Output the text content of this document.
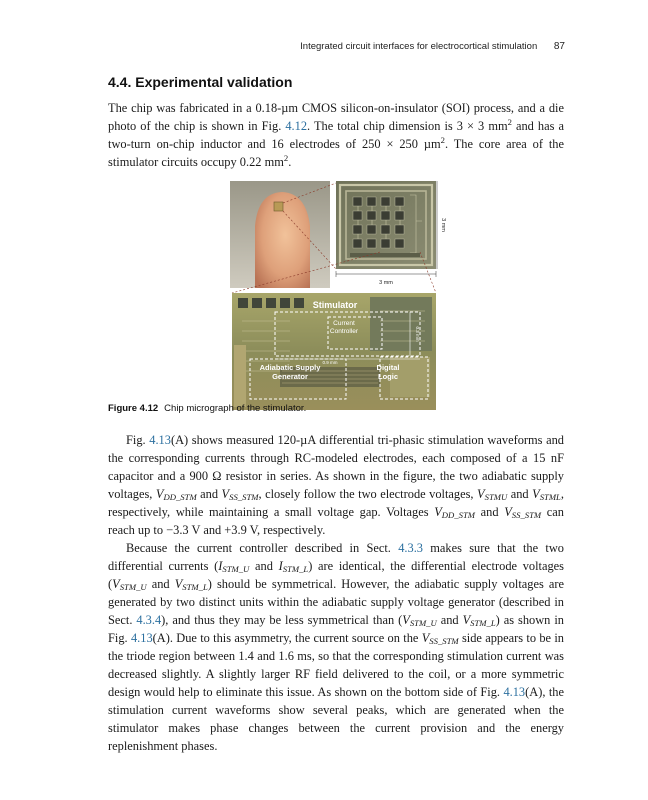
Integrated circuit interfaces for electrocortical stimulation 87
4.4. Experimental validation

The chip was fabricated in a 0.18-µm CMOS silicon-on-insulator (SOI) process, and a die photo of the chip is shown in Fig. 4.12. The total chip dimension is 3 × 3 $mm^2$ and has a two-turn on-chip inductor and 16 electrodes of 250 × 250 µm$^2$. The core area of the stimulator circuits occupy 0.22 $mm^2$.

3 mm
3 mm
Stimulator
Current
Controller	0.3 mm
0.9 mm
Adiabatic Supply
Generator
Digital
Logic
Figure 4.12 Chip micrograph of the stimulator.

Fig. 4.13(A) shows measured 120-µA differential tri-phasic stimulation waveforms and the corresponding currents through RC-modeled electrodes, each composed of a 15 nF capacitor and a 900 Ω resistor in series. As shown in the figure, the two adiabatic supply voltages, $V_{DD\_STM}$ and $V_{SS\_STM}$, closely follow the two electrode voltages, $V_{STMU}$ and $V_{STML}$, respectively, while maintaining a small voltage gap. Voltages $V_{DD\_STM}$ and $V_{SS\_STM}$ can reach up to −3.3 V and +3.9 V, respectively.

Because the current controller described in Sect. 4.3.3 makes sure that the two differential currents ($I_{STM\_U}$ and $I_{STM\_L}$) are identical, the differential electrode voltages ($V_{STM\_U}$ and $V_{STM\_L}$) should be symmetrical. However, the adiabatic supply voltages are generated by two distinct units within the adiabatic supply voltage generator (described in Sect. 4.3.4), and thus they may be less symmetrical than ($V_{STM\_U}$ and $V_{STM\_L}$) as shown in Fig. 4.13(A). Due to this asymmetry, the current source on the $V_{SS\_STM}$ side appears to be in the triode region between 1.4 and 1.6 ms, so that the corresponding stimulation current was decreased slightly. A slightly larger RF field delivered to the coil, or a more symmetric design would help to eliminate this issue. As shown on the bottom side of Fig. 4.13(A), the stimulation current waveforms show several peaks, which are generated when the stimulator makes phase changes between the current provision and the energy replenishment phases.
